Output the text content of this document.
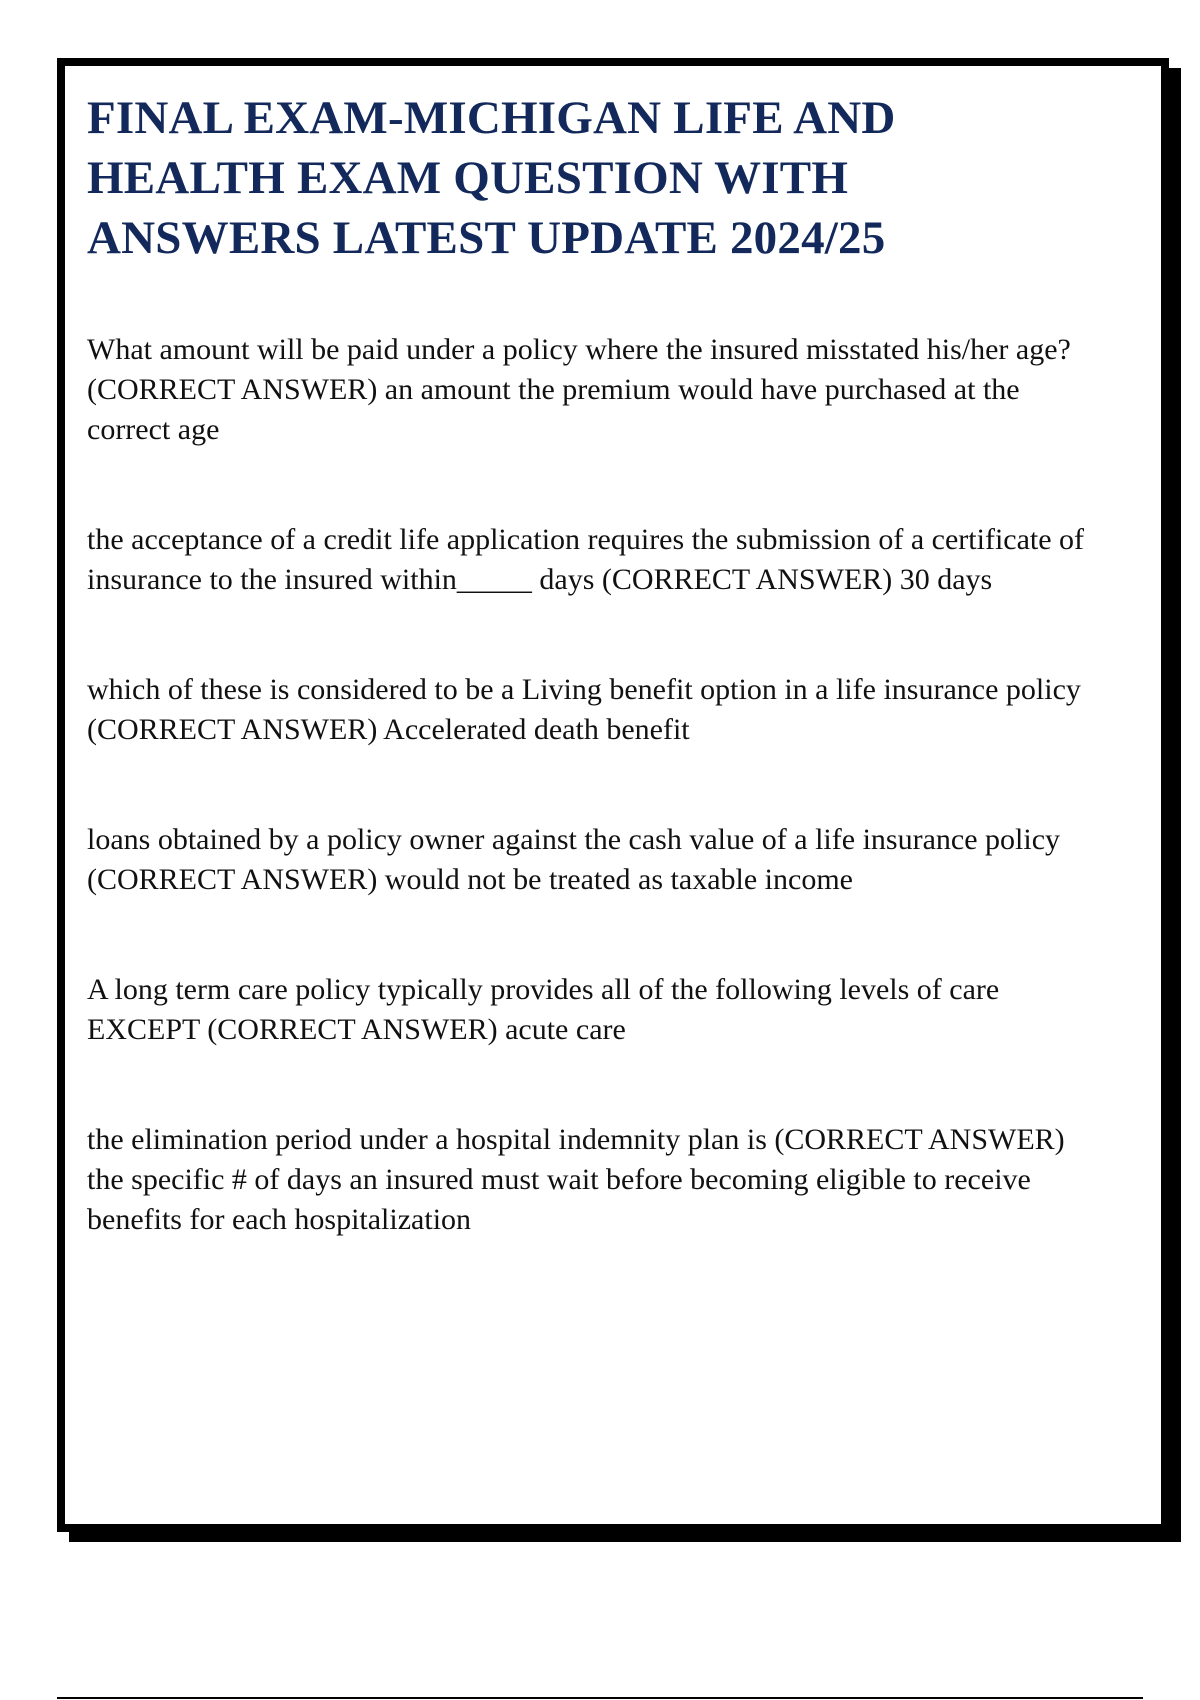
FINAL EXAM-MICHIGAN LIFE AND HEALTH EXAM QUESTION WITH ANSWERS LATEST UPDATE 2024/25

What amount will be paid under a policy where the insured misstated his/her age? (CORRECT ANSWER) an amount the premium would have purchased at the correct age

the acceptance of a credit life application requires the submission of a certificate of insurance to the insured within_____ days (CORRECT ANSWER) 30 days

which of these is considered to be a Living benefit option in a life insurance policy (CORRECT ANSWER) Accelerated death benefit

loans obtained by a policy owner against the cash value of a life insurance policy (CORRECT ANSWER) would not be treated as taxable income

A long term care policy typically provides all of the following levels of care EXCEPT (CORRECT ANSWER) acute care

the elimination period under a hospital indemnity plan is (CORRECT ANSWER) the specific # of days an insured must wait before becoming eligible to receive benefits for each hospitalization
